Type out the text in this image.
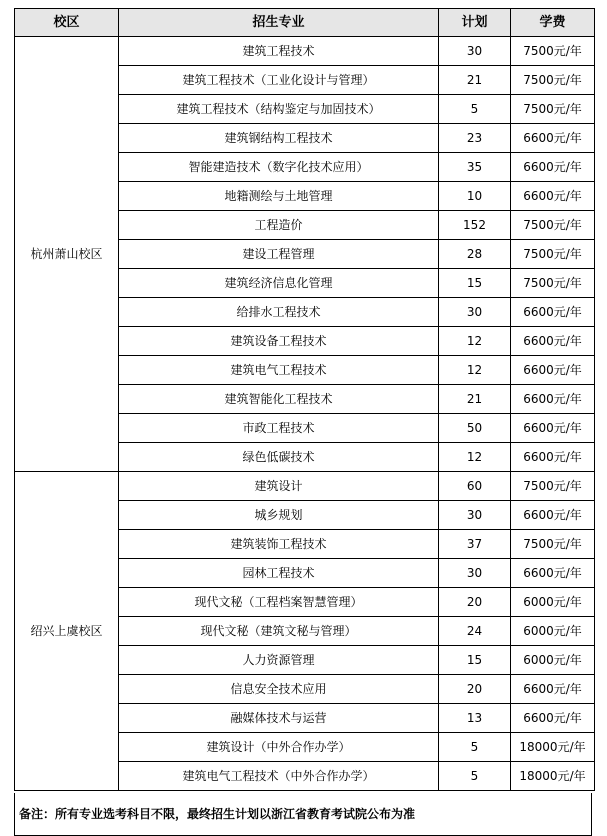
校区	招生专业	计划	学费
杭州萧山校区	建筑工程技术	30	7500元/年
	建筑工程技术（工业化设计与管理）	21	7500元/年
	建筑工程技术（结构鉴定与加固技术）	5	7500元/年
	建筑钢结构工程技术	23	6600元/年
	智能建造技术（数字化技术应用）	35	6600元/年
	地籍测绘与土地管理	10	6600元/年
	工程造价	152	7500元/年
	建设工程管理	28	7500元/年
	建筑经济信息化管理	15	7500元/年
	给排水工程技术	30	6600元/年
	建筑设备工程技术	12	6600元/年
	建筑电气工程技术	12	6600元/年
	建筑智能化工程技术	21	6600元/年
	市政工程技术	50	6600元/年
	绿色低碳技术	12	6600元/年
绍兴上虞校区	建筑设计	60	7500元/年
	城乡规划	30	6600元/年
	建筑装饰工程技术	37	7500元/年
	园林工程技术	30	6600元/年
	现代文秘（工程档案智慧管理）	20	6000元/年
	现代文秘（建筑文秘与管理）	24	6000元/年
	人力资源管理	15	6000元/年
	信息安全技术应用	20	6600元/年
	融媒体技术与运营	13	6600元/年
	建筑设计（中外合作办学）	5	18000元/年
	建筑电气工程技术（中外合作办学）	5	18000元/年
备注：所有专业选考科目不限，最终招生计划以浙江省教育考试院公布为准
